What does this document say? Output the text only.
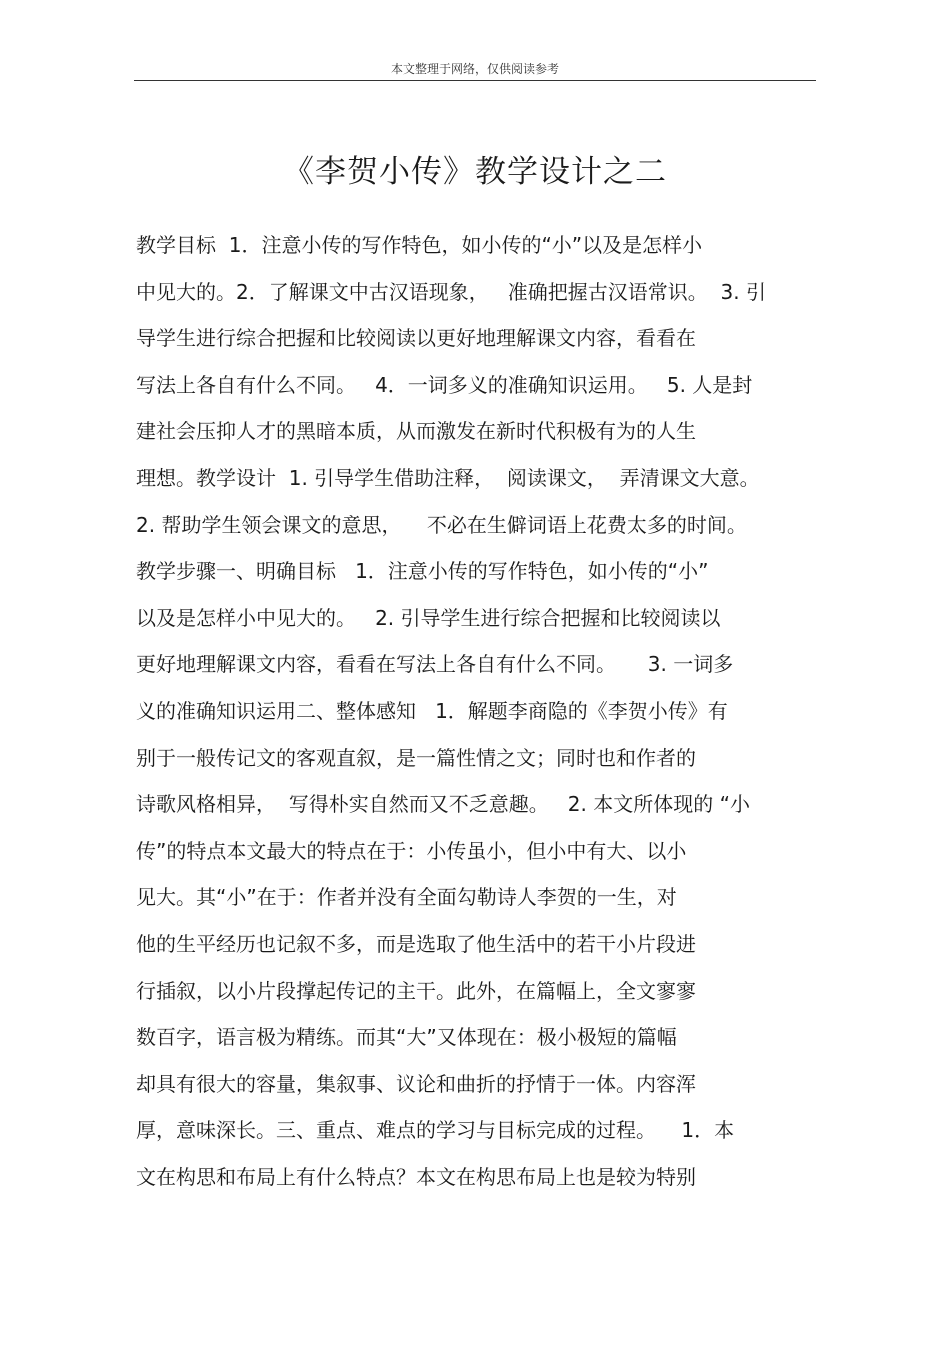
本文整理于网络，仅供阅读参考
《李贺小传》教学设计之二
教学目标  1．注意小传的写作特色，如小传的“小”以及是怎样小
中见大的。2．了解课文中古汉语现象，   准确把握古汉语常识。  3. 引
导学生进行综合把握和比较阅读以更好地理解课文内容，看看在
写法上各自有什么不同。   4．一词多义的准确知识运用。   5. 人是封
建社会压抑人才的黑暗本质，从而激发在新时代积极有为的人生
理想。教学设计  1. 引导学生借助注释，  阅读课文，  弄清课文大意。
2. 帮助学生领会课文的意思，    不必在生僻词语上花费太多的时间。
教学步骤一、明确目标   1．注意小传的写作特色，如小传的“小”
以及是怎样小中见大的。   2. 引导学生进行综合把握和比较阅读以
更好地理解课文内容，看看在写法上各自有什么不同。     3. 一词多
义的准确知识运用二、整体感知   1．解题李商隐的《李贺小传》有
别于一般传记文的客观直叙，是一篇性情之文；同时也和作者的
诗歌风格相异，  写得朴实自然而又不乏意趣。   2. 本文所体现的 “小
传”的特点本文最大的特点在于：小传虽小，但小中有大、以小
见大。其“小”在于：作者并没有全面勾勒诗人李贺的一生，对
他的生平经历也记叙不多，而是选取了他生活中的若干小片段进
行插叙，以小片段撑起传记的主干。此外，在篇幅上，全文寥寥
数百字，语言极为精练。而其“大”又体现在：极小极短的篇幅
却具有很大的容量，集叙事、议论和曲折的抒情于一体。内容浑
厚，意味深长。三、重点、难点的学习与目标完成的过程。    1．本
文在构思和布局上有什么特点？本文在构思布局上也是较为特别
